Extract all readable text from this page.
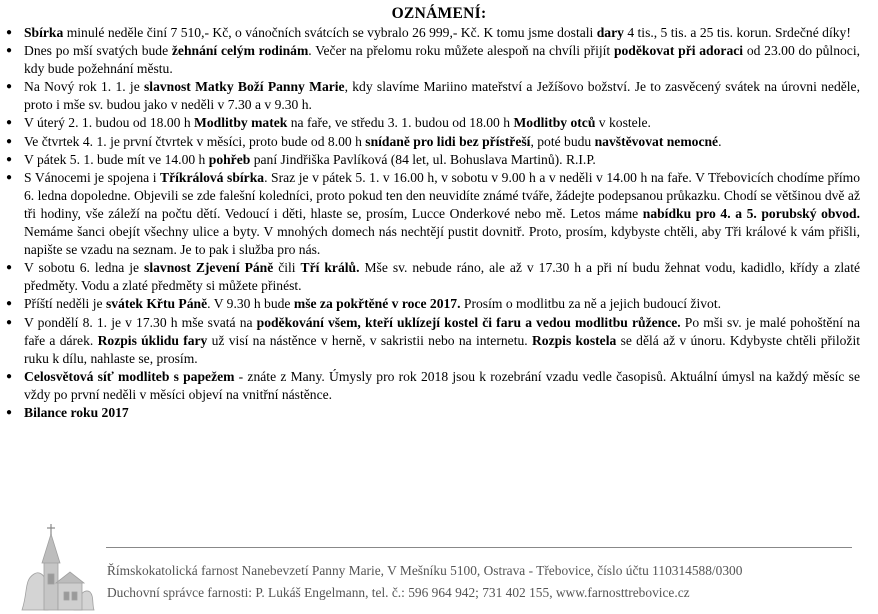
OZNÁMENÍ:
● Sbírka minulé neděle činí 7 510,- Kč, o vánočních svátcích se vybralo 26 999,- Kč. K tomu jsme dostali dary 4 tis., 5 tis. a 25 tis. korun. Srdečné díky!
● Dnes po mší svatých bude žehnání celým rodinám. Večer na přelomu roku můžete alespoň na chvíli přijít poděkovat při adoraci od 23.00 do půlnoci, kdy bude požehnání městu.
● Na Nový rok 1. 1. je slavnost Matky Boží Panny Marie, kdy slavíme Mariino mateřství a Ježíšovo božství. Je to zasvěcený svátek na úrovni neděle, proto i mše sv. budou jako v neděli v 7.30 a v 9.30 h.
● V úterý 2. 1. budou od 18.00 h Modlitby matek na faře, ve středu 3. 1. budou od 18.00 h Modlitby otců v kostele.
● Ve čtvrtek 4. 1. je první čtvrtek v měsíci, proto bude od 8.00 h snídaně pro lidi bez přístřeší, poté budu navštěvovat nemocné.
● V pátek 5. 1. bude mít ve 14.00 h pohřeb paní Jindřiška Pavlíková (84 let, ul. Bohuslava Martinů). R.I.P.
● S Vánocemi je spojena i Tříkrálová sbírka. Sraz je v pátek 5. 1. v 16.00 h, v sobotu v 9.00 h a v neděli v 14.00 h na faře. V Třebovicích chodíme přímo 6. ledna dopoledne. Objevili se zde falešní koledníci, proto pokud ten den neuvidíte známé tváře, žádejte podepsanou průkazku. Chodí se většinou dvě až tři hodiny, vše záleží na počtu dětí. Vedoucí i děti, hlaste se, prosím, Lucce Onderkové nebo mě. Letos máme nabídku pro 4. a 5. porubský obvod. Nemáme šanci obejít všechny ulice a byty. V mnohých domech nás nechtějí pustit dovnitř. Proto, prosím, kdybyste chtěli, aby Tři králové k vám přišli, napište se vzadu na seznam. Je to pak i služba pro nás.
● V sobotu 6. ledna je slavnost Zjevení Páně čili Tří králů. Mše sv. nebude ráno, ale až v 17.30 h a při ní budu žehnat vodu, kadidlo, křídy a zlaté předměty. Vodu a zlaté předměty si můžete přinést.
● Příští neděli je svátek Křtu Páně. V 9.30 h bude mše za pokřtěné v roce 2017. Prosím o modlitbu za ně a jejich budoucí život.
● V pondělí 8. 1. je v 17.30 h mše svatá na poděkování všem, kteří uklízejí kostel či faru a vedou modlitbu růžence. Po mši sv. je malé pohoštění na faře a dárek. Rozpis úklidu fary už visí na nástěnce v herně, v sakristii nebo na internetu. Rozpis kostela se dělá až v únoru. Kdybyste chtěli přiložit ruku k dílu, nahlaste se, prosím.
● Celosvětová síť modliteb s papežem - znáte z Many. Úmysly pro rok 2018 jsou k rozebrání vzadu vedle časopisů. Aktuální úmysl na každý měsíc se vždy po první neděli v měsíci objeví na vnitřní nástěnce.
● Bilance roku 2017
Římskokatolická farnost Nanebevzetí Panny Marie, V Mešníku 5100, Ostrava - Třebovice, číslo účtu 110314588/0300
Duchovní správce farnosti: P. Lukáš Engelmann, tel. č.: 596 964 942; 731 402 155, www.farnosttrebovice.cz
